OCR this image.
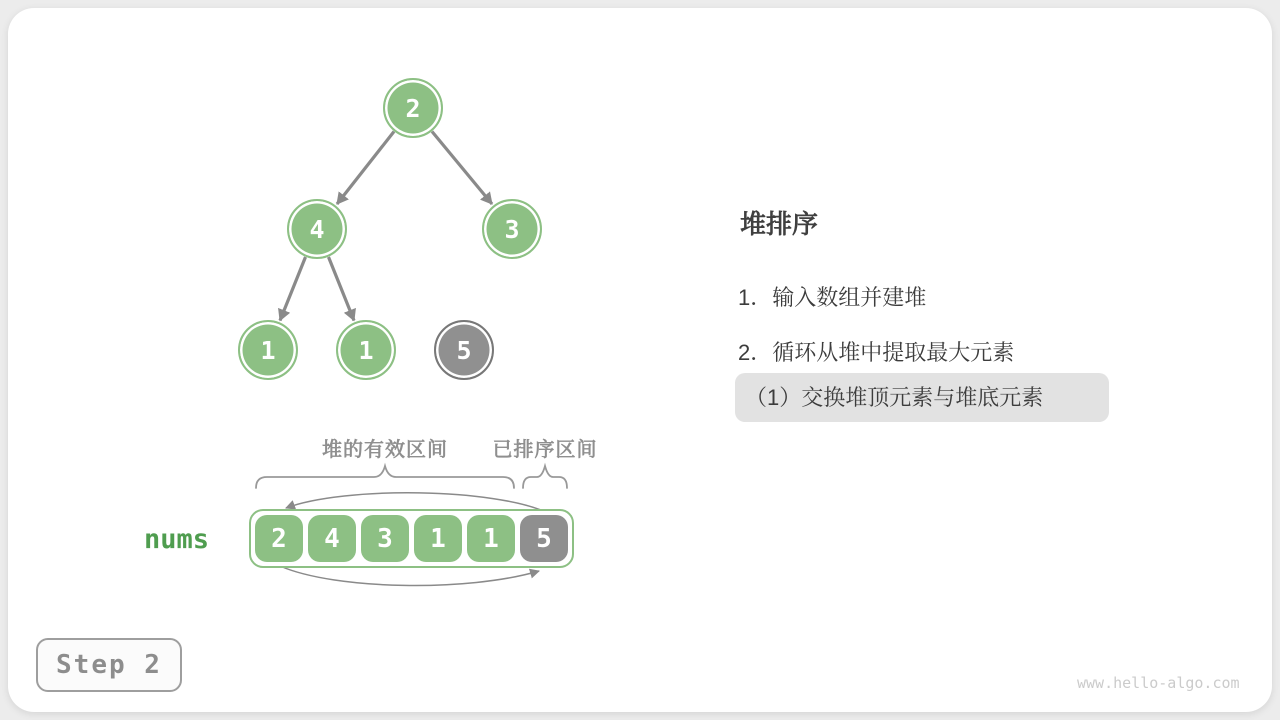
2
4	3
1	1	5
堆的有效区间	已排序区间
nums	2	4	3	1	1	5
堆排序
1．输入数组并建堆
2．循环从堆中提取最大元素
（1）交换堆顶元素与堆底元素
Step 2
www.hello-algo.com
